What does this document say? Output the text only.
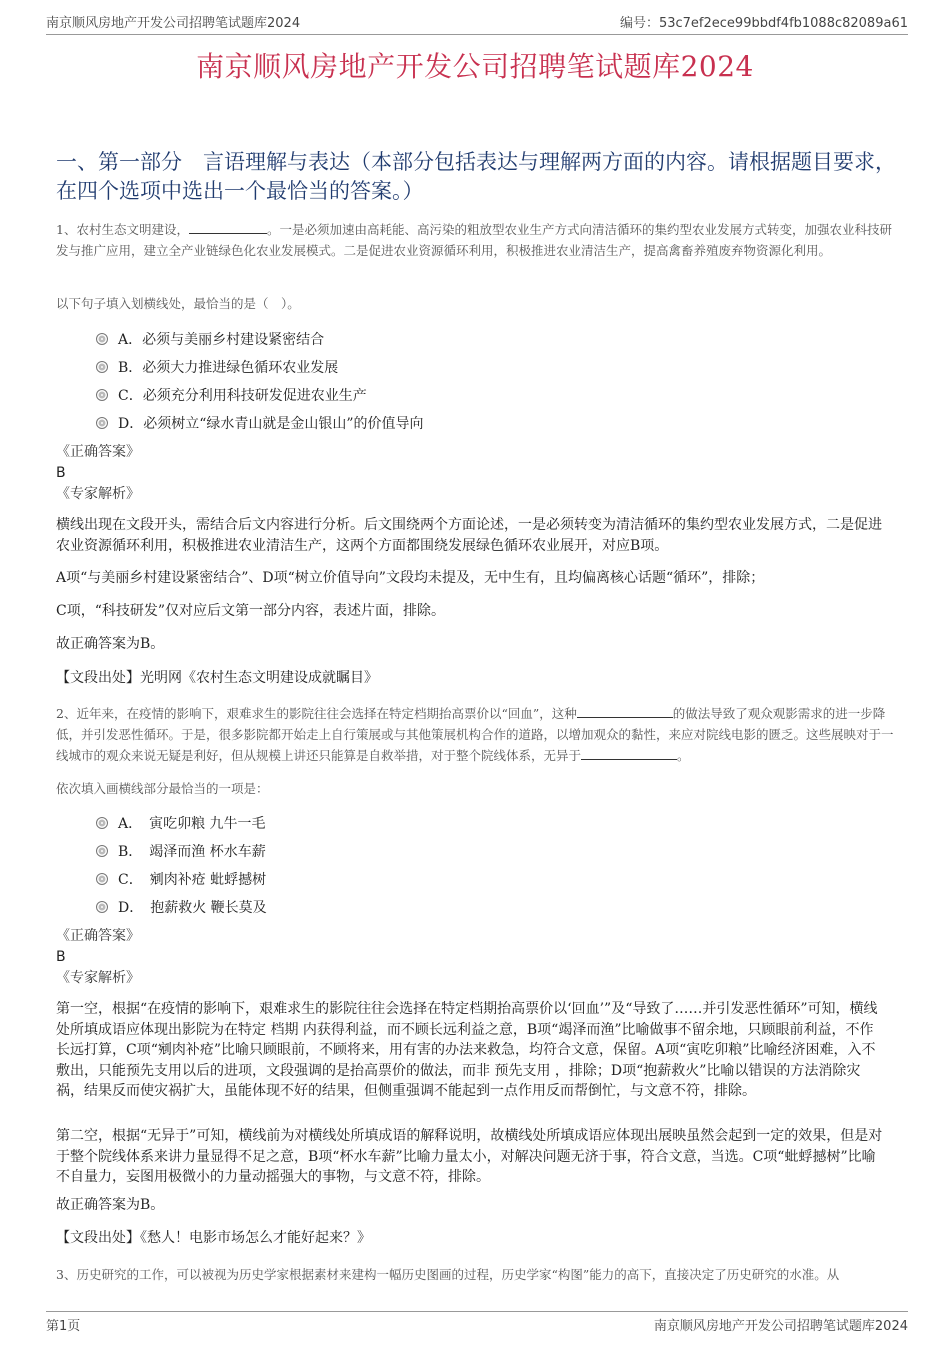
南京顺风房地产开发公司招聘笔试题库2024	编号：53c7ef2ece99bbdf4fb1088c82089a61
南京顺风房地产开发公司招聘笔试题库2024
一、第一部分　言语理解与表达（本部分包括表达与理解两方面的内容。请根据题目要求，在四个选项中选出一个最恰当的答案。）
1、农村生态文明建设，	。一是必须加速由高耗能、高污染的粗放型农业生产方式向清洁循环的集约型农业发展方式转变，加强农业科技研发与推广应用，建立全产业链绿色化农业发展模式。二是促进农业资源循环利用，积极推进农业清洁生产，提高禽畜养殖废弃物资源化利用。
以下句子填入划横线处，最恰当的是（　）。
A．必须与美丽乡村建设紧密结合
B．必须大力推进绿色循环农业发展
C．必须充分利用科技研发促进农业生产
D．必须树立“绿水青山就是金山银山”的价值导向
《正确答案》
B
《专家解析》

横线出现在文段开头，需结合后文内容进行分析。后文围绕两个方面论述，一是必须转变为清洁循环的集约型农业发展方式，二是促进农业资源循环利用，积极推进农业清洁生产，这两个方面都围绕发展绿色循环农业展开，对应B项。

A项“与美丽乡村建设紧密结合”、D项“树立价值导向”文段均未提及，无中生有，且均偏离核心话题“循环”，排除；

C项，“科技研发”仅对应后文第一部分内容，表述片面，排除。

故正确答案为B。

【文段出处】光明网《农村生态文明建设成就瞩目》
2、近年来，在疫情的影响下，艰难求生的影院往往会选择在特定档期抬高票价以“回血”，这种	的做法导致了观众观影需求的进一步降低，并引发恶性循环。于是，很多影院都开始走上自行策展或与其他策展机构合作的道路，以增加观众的黏性，来应对院线电影的匮乏。这些展映对于一线城市的观众来说无疑是利好，但从规模上讲还只能算是自救举措，对于整个院线体系，无异于	。
依次填入画横线部分最恰当的一项是：
A．　寅吃卯粮 九牛一毛
B．　竭泽而渔 杯水车薪
C．　剜肉补疮 蚍蜉撼树
D．　抱薪救火 鞭长莫及
《正确答案》
B
《专家解析》

第一空，根据“在疫情的影响下，艰难求生的影院往往会选择在特定档期抬高票价以‘回血’”及“导致了……并引发恶性循环”可知，横线处所填成语应体现出影院为在特定 档期 内获得利益，而不顾长远利益之意，B项“竭泽而渔”比喻做事不留余地，只顾眼前利益，不作长远打算，C项“剜肉补疮”比喻只顾眼前，不顾将来，用有害的办法来救急，均符合文意，保留。A项“寅吃卯粮”比喻经济困难，入不敷出，只能预先支用以后的进项，文段强调的是抬高票价的做法，而非 预先支用 ，排除；D项“抱薪救火”比喻以错误的方法消除灾祸，结果反而使灾祸扩大，虽能体现不好的结果，但侧重强调不能起到一点作用反而帮倒忙，与文意不符，排除。

第二空，根据“无异于”可知，横线前为对横线处所填成语的解释说明，故横线处所填成语应体现出展映虽然会起到一定的效果，但是对于整个院线体系来讲力量显得不足之意，B项“杯水车薪”比喻力量太小，对解决问题无济于事，符合文意，当选。C项“蚍蜉撼树”比喻不自量力，妄图用极微小的力量动摇强大的事物，与文意不符，排除。

故正确答案为B。

【文段出处】《愁人！电影市场怎么才能好起来？》
3、历史研究的工作，可以被视为历史学家根据素材来建构一幅历史图画的过程，历史学家“构图”能力的高下，直接决定了历史研究的水准。从
第1页	南京顺风房地产开发公司招聘笔试题库2024
